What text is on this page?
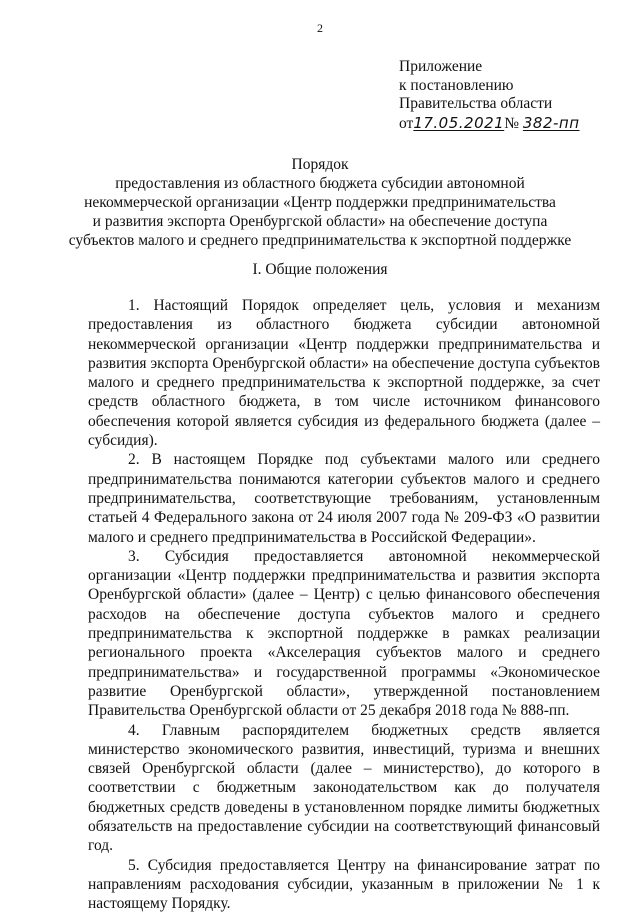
2
Приложение
к постановлению
Правительства области
от17.05.2021№ 382-пп
Порядок
предоставления из областного бюджета субсидии автономной
некоммерческой организации «Центр поддержки предпринимательства
и развития экспорта Оренбургской области» на обеспечение доступа
субъектов малого и среднего предпринимательства к экспортной поддержке
I. Общие положения

1. Настоящий Порядок определяет цель, условия и механизм предоставления из областного бюджета субсидии автономной некоммерческой организации «Центр поддержки предпринимательства и развития экспорта Оренбургской области» на обеспечение доступа субъектов малого и среднего предпринимательства к экспортной поддержке, за счет средств областного бюджета, в том числе источником финансового обеспечения которой является субсидия из федерального бюджета (далее – субсидия).

2. В настоящем Порядке под субъектами малого или среднего предпринимательства понимаются категории субъектов малого и среднего предпринимательства, соответствующие требованиям, установленным статьей 4 Федерального закона от 24 июля 2007 года № 209-ФЗ «О развитии малого и среднего предпринимательства в Российской Федерации».

3. Субсидия предоставляется автономной некоммерческой организации «Центр поддержки предпринимательства и развития экспорта Оренбургской области» (далее – Центр) с целью финансового обеспечения расходов на обеспечение доступа субъектов малого и среднего предпринимательства к экспортной поддержке в рамках реализации регионального проекта «Акселерация субъектов малого и среднего предпринимательства» и государственной программы «Экономическое развитие Оренбургской области», утвержденной постановлением Правительства Оренбургской области от 25 декабря 2018 года № 888-пп.

4. Главным распорядителем бюджетных средств является министерство экономического развития, инвестиций, туризма и внешних связей Оренбургской области (далее – министерство), до которого в соответствии с бюджетным законодательством как до получателя бюджетных средств доведены в установленном порядке лимиты бюджетных обязательств на предоставление субсидии на соответствующий финансовый год.

5. Субсидия предоставляется Центру на финансирование затрат по направлениям расходования субсидии, указанным в приложении № 1 к настоящему Порядку.
